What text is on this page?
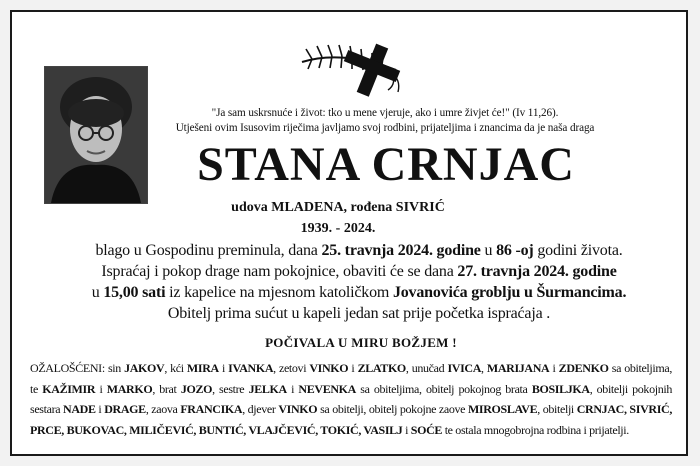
"Ja sam uskrsnuće i život: tko u mene vjeruje, ako i umre živjet će!" (Iv 11,26).
Utješeni ovim Isusovim riječima javljamo svoj rodbini, prijateljima i znancima da je naša draga
STANA CRNJAC
udova MLADENA, rođena SIVRIĆ
1939. - 2024.
blago u Gospodinu preminula, dana 25. travnja 2024. godine u 86 -oj godini života.
Ispraćaj i pokop drage nam pokojnice, obaviti će se dana 27. travnja 2024. godine
u 15,00 sati iz kapelice na mjesnom katoličkom Jovanovića groblju u Šurmancima.
Obitelj prima sućut u kapeli jedan sat prije početka ispraćaja .
POČIVALA U MIRU BOŽJEM !
OŽALOŠĆENI: sin JAKOV, kći MIRA i IVANKA, zetovi VINKO i ZLATKO, unučad IVICA, MARIJANA i ZDENKO sa obiteljima, te KAŽIMIR i MARKO, brat JOZO, sestre JELKA i NEVENKA sa obiteljima, obitelj pokojnog brata BOSILJKA, obitelji pokojnih sestara NADE i DRAGE, zaova FRANCIKA, djever VINKO sa obitelji, obitelj pokojne zaove MIROSLAVE, obitelji CRNJAC, SIVRIĆ, PRCE, BUKOVAC, MILIČEVIĆ, BUNTIĆ, VLAJČEVIĆ, TOKIĆ, VASILJ i SOĆE te ostala mnogobrojna rodbina i prijatelji.
